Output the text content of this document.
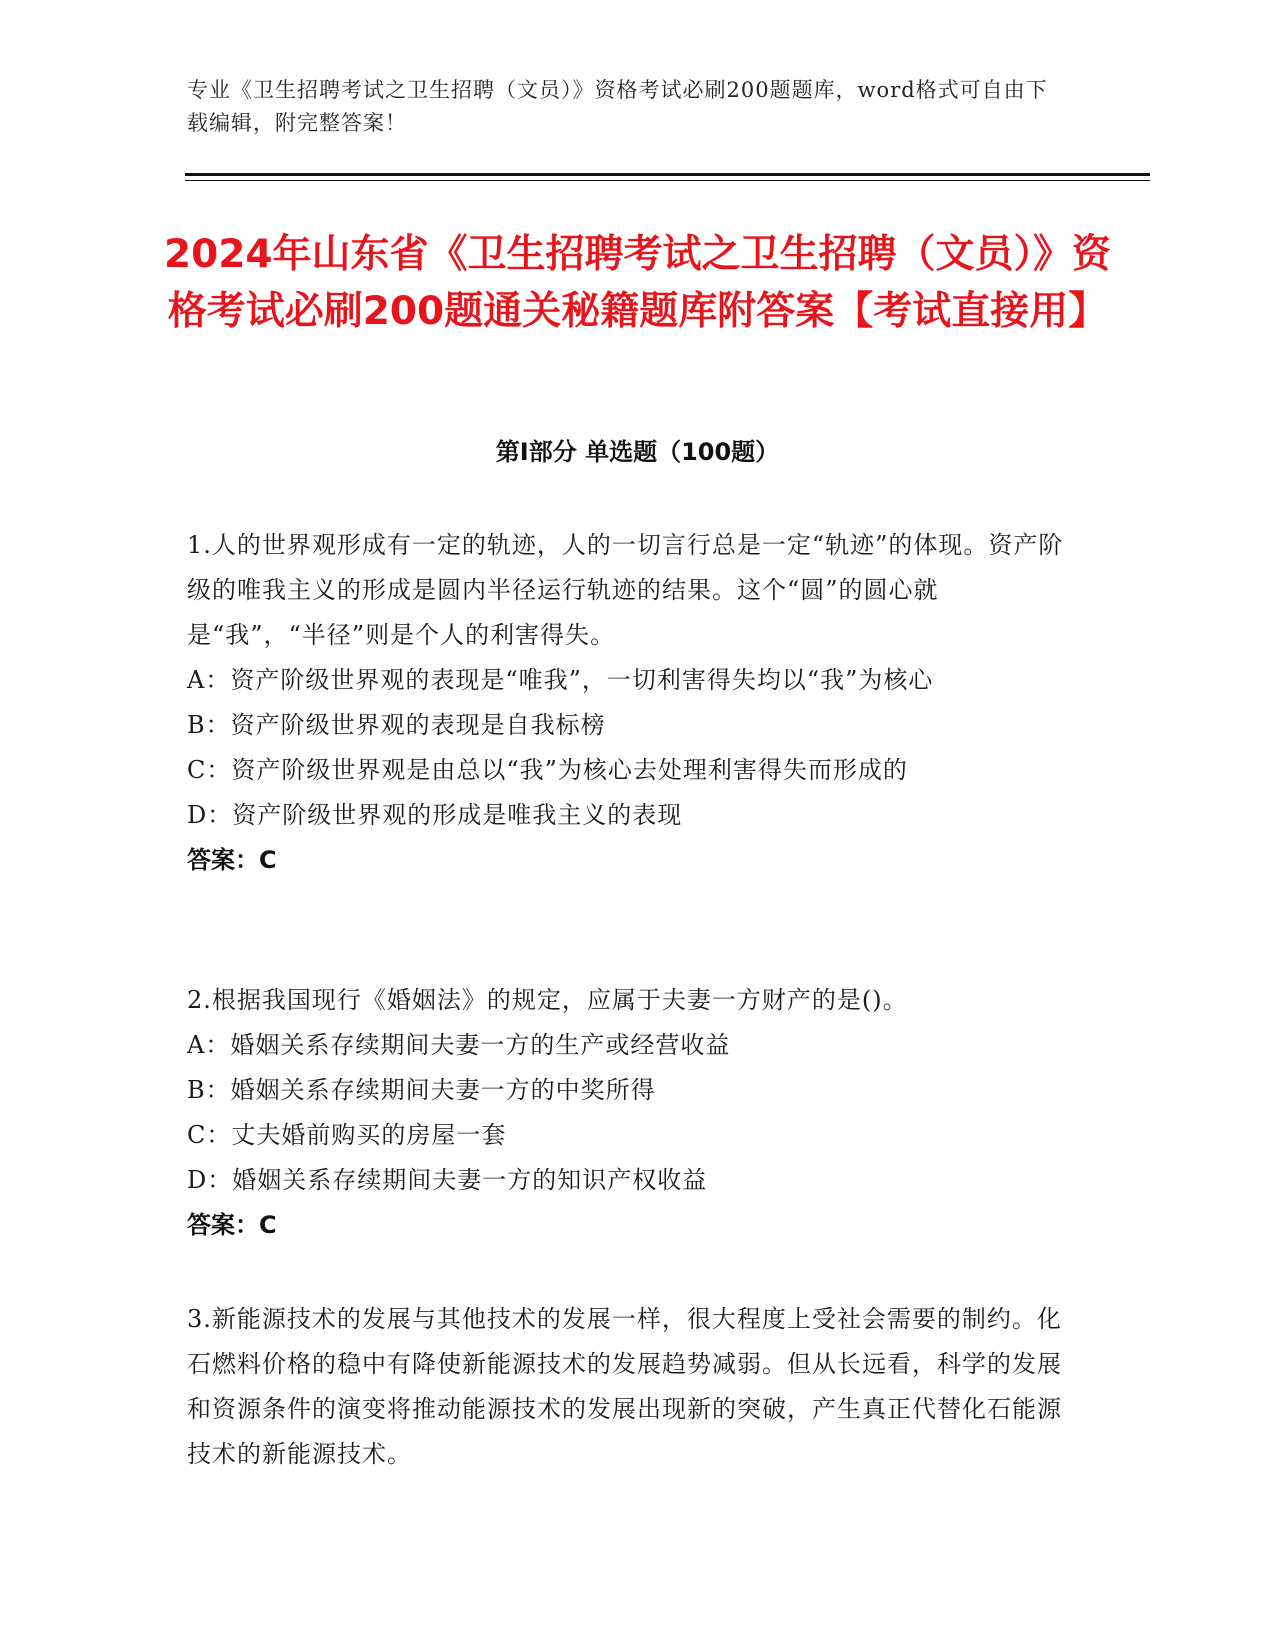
专业《卫生招聘考试之卫生招聘（文员）》资格考试必刷200题题库，word格式可自由下载编辑，附完整答案！
2024年山东省《卫生招聘考试之卫生招聘（文员）》资格考试必刷200题通关秘籍题库附答案【考试直接用】
第I部分 单选题（100题）
1.人的世界观形成有一定的轨迹，人的一切言行总是一定“轨迹”的体现。资产阶级的唯我主义的形成是圆内半径运行轨迹的结果。这个“圆”的圆心就是“我”，“半径”则是个人的利害得失。
A：资产阶级世界观的表现是“唯我”，一切利害得失均以“我”为核心
B：资产阶级世界观的表现是自我标榜
C：资产阶级世界观是由总以“我”为核心去处理利害得失而形成的
D：资产阶级世界观的形成是唯我主义的表现
答案：C
2.根据我国现行《婚姻法》的规定，应属于夫妻一方财产的是()。
A：婚姻关系存续期间夫妻一方的生产或经营收益
B：婚姻关系存续期间夫妻一方的中奖所得
C：丈夫婚前购买的房屋一套
D：婚姻关系存续期间夫妻一方的知识产权收益
答案：C
3.新能源技术的发展与其他技术的发展一样，很大程度上受社会需要的制约。化石燃料价格的稳中有降使新能源技术的发展趋势减弱。但从长远看，科学的发展和资源条件的演变将推动能源技术的发展出现新的突破，产生真正代替化石能源技术的新能源技术。
